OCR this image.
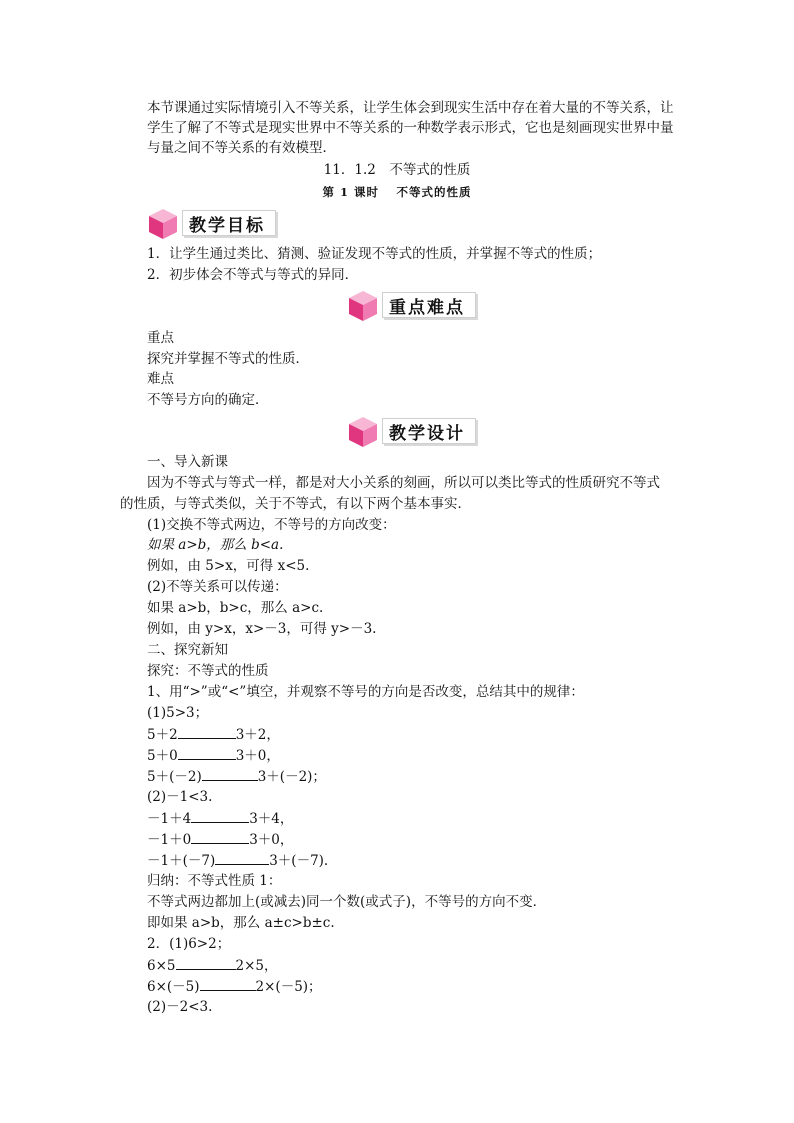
本节课通过实际情境引入不等关系，让学生体会到现实生活中存在着大量的不等关系，让学生了解了不等式是现实世界中不等关系的一种数学表示形式，它也是刻画现实世界中量与量之间不等关系的有效模型．
11．1.2　不等式的性质
第 1 课时　 不等式的性质
教学目标
1．让学生通过类比、猜测、验证发现不等式的性质，并掌握不等式的性质；
2．初步体会不等式与等式的异同．
重点难点
重点
探究并掌握不等式的性质．
难点
不等号方向的确定．
教学设计
一、导入新课
因为不等式与等式一样，都是对大小关系的刻画，所以可以类比等式的性质研究不等式
的性质，与等式类似，关于不等式，有以下两个基本事实．
(1)交换不等式两边，不等号的方向改变：
如果 a>b，那么 b<a.
例如，由 5>x，可得 x<5.
(2)不等关系可以传递：
如果 a>b，b>c，那么 a>c.
例如，由 y>x，x>－3，可得 y>－3.
二、探究新知
探究：不等式的性质
1、用“>”或“<”填空，并观察不等号的方向是否改变，总结其中的规律：
(1)5>3；
5＋2	3＋2，
5＋0	3＋0，
5＋(－2)	3＋(－2)；
(2)－1<3.
－1＋4	3＋4，
－1＋0	3＋0，
－1＋(－7)	3＋(－7).
归纳：不等式性质 1：
不等式两边都加上(或减去)同一个数(或式子)，不等号的方向不变．
即如果 a>b，那么 a±c>b±c.
2．(1)6>2；
6×5	2×5，
6×(－5)	2×(－5)；
(2)－2<3.
